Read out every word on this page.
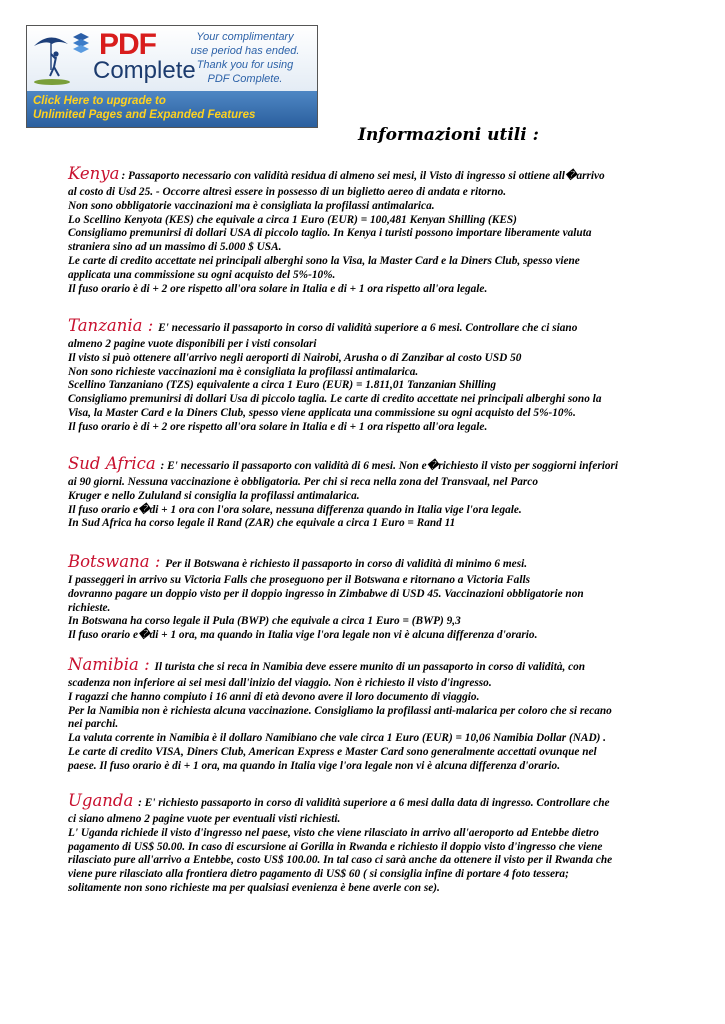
PDF
Complete
Your complimentary
use period has ended.
Thank you for using
PDF Complete.
Click Here to upgrade to
Unlimited Pages and Expanded Features
Informazioni utili :
Kenya : Passaporto necessario con validità residua di almeno sei mesi, il Visto di ingresso si ottiene all�arrivo
al costo di Usd 25. - Occorre altresì essere in possesso di un biglietto aereo di andata e ritorno.
Non sono obbligatorie vaccinazioni ma è consigliata la profilassi antimalarica.
Lo Scellino Kenyota (KES) che equivale a circa 1 Euro (EUR) = 100,481 Kenyan Shilling (KES)
Consigliamo premunirsi di dollari USA di piccolo taglio. In Kenya i turisti possono importare liberamente valuta
straniera sino ad un massimo di 5.000 $ USA.
Le carte di credito accettate nei principali alberghi sono la Visa, la Master Card e la Diners Club, spesso viene
applicata una commissione su ogni acquisto del 5%-10%.
Il fuso orario è di + 2 ore rispetto all'ora solare in Italia e di + 1 ora rispetto all'ora legale.
Tanzania : E' necessario il passaporto in corso di validità superiore a 6 mesi. Controllare che ci siano
almeno 2 pagine vuote disponibili per i visti consolari
Il visto si può ottenere all'arrivo negli aeroporti di Nairobi, Arusha o di Zanzibar al costo USD 50
Non sono richieste vaccinazioni ma è consigliata la profilassi antimalarica.
Scellino Tanzaniano (TZS) equivalente a circa 1 Euro (EUR) = 1.811,01 Tanzanian Shilling
Consigliamo premunirsi di dollari Usa di piccolo taglia. Le carte di credito accettate nei principali alberghi sono la
Visa, la Master Card e la Diners Club, spesso viene applicata una commissione su ogni acquisto del 5%-10%.
Il fuso orario è di + 2 ore rispetto all'ora solare in Italia e di + 1 ora rispetto all'ora legale.
Sud Africa : E' necessario il passaporto con validità di 6 mesi. Non e�richiesto il visto per soggiorni inferiori
ai 90 giorni. Nessuna vaccinazione è obbligatoria. Per chi si reca nella zona del Transvaal, nel Parco
Kruger e nello Zululand si consiglia la profilassi antimalarica.
Il fuso orario e�di + 1 ora con l'ora solare, nessuna differenza quando in Italia vige l'ora legale.
In Sud Africa ha corso legale il Rand (ZAR) che equivale a circa 1 Euro = Rand 11
Botswana : Per il Botswana è richiesto il passaporto in corso di validità di minimo 6 mesi.
I passeggeri in arrivo su Victoria Falls che proseguono per il Botswana e ritornano a Victoria Falls
dovranno pagare un doppio visto per il doppio ingresso in Zimbabwe di USD 45. Vaccinazioni obbligatorie non
richieste.
In Botswana ha corso legale il Pula (BWP) che equivale a circa 1 Euro = (BWP) 9,3
Il fuso orario e�di + 1 ora, ma quando in Italia vige l'ora legale non vi è alcuna differenza d'orario.
Namibia : Il turista che si reca in Namibia deve essere munito di un passaporto in corso di validità, con
scadenza non inferiore ai sei mesi dall'inizio del viaggio. Non è richiesto il visto d'ingresso.
I ragazzi che hanno compiuto i 16 anni di età devono avere il loro documento di viaggio.
Per la Namibia non è richiesta alcuna vaccinazione. Consigliamo la profilassi anti-malarica per coloro che si recano
nei parchi.
La valuta corrente in Namibia è il dollaro Namibiano che vale circa 1 Euro (EUR) = 10,06 Namibia Dollar (NAD) .
Le carte di credito VISA, Diners Club, American Express e Master Card sono generalmente accettati ovunque nel
paese. Il fuso orario è di + 1 ora, ma quando in Italia vige l'ora legale non vi è alcuna differenza d'orario.
Uganda : E' richiesto passaporto in corso di validità superiore a 6 mesi dalla data di ingresso. Controllare che
ci siano almeno 2 pagine vuote per eventuali visti richiesti.
L' Uganda richiede il visto d'ingresso nel paese, visto che viene rilasciato in arrivo all'aeroporto ad Entebbe dietro
pagamento di US$ 50.00. In caso di escursione ai Gorilla in Rwanda e richiesto il doppio visto d'ingresso che viene
rilasciato pure all'arrivo a Entebbe, costo US$ 100.00. In tal caso ci sarà anche da ottenere il visto per il Rwanda che
viene pure rilasciato alla frontiera dietro pagamento di US$ 60 ( si consiglia infine di portare 4 foto tessera;
solitamente non sono richieste ma per qualsiasi evenienza è bene averle con se).
